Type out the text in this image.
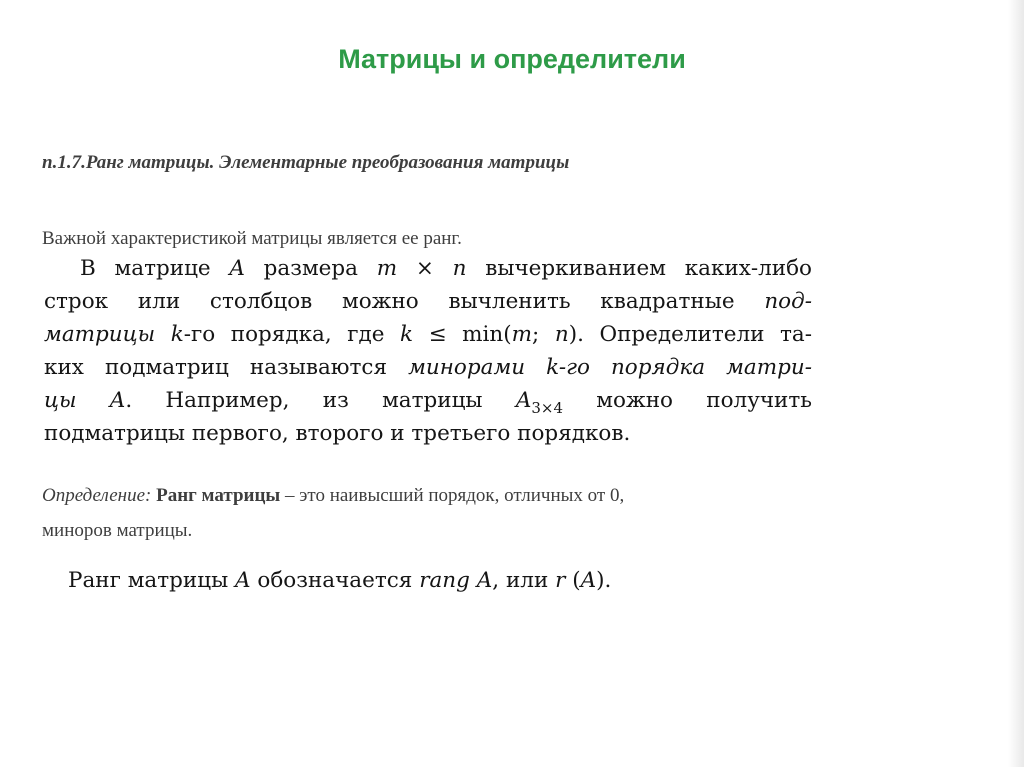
Матрицы и определители
п.1.7.Ранг матрицы. Элементарные преобразования матрицы
Важной характеристикой матрицы является ее ранг.
В матрице A размера m × n вычеркиванием каких-либо
строк или столбцов можно вычленить квадратные под-
матрицы k-го порядка, где k ≤ min(m; n). Определители та-
ких подматриц называются минорами k-го порядка матри-
цы A. Например, из матрицы $A_{3\times 4}$ можно получить
подматрицы первого, второго и третьего порядков.
Определение: Ранг матрицы – это наивысший порядок, отличных от 0,
миноров матрицы.
Ранг матрицы A обозначается rang A, или r (A).
